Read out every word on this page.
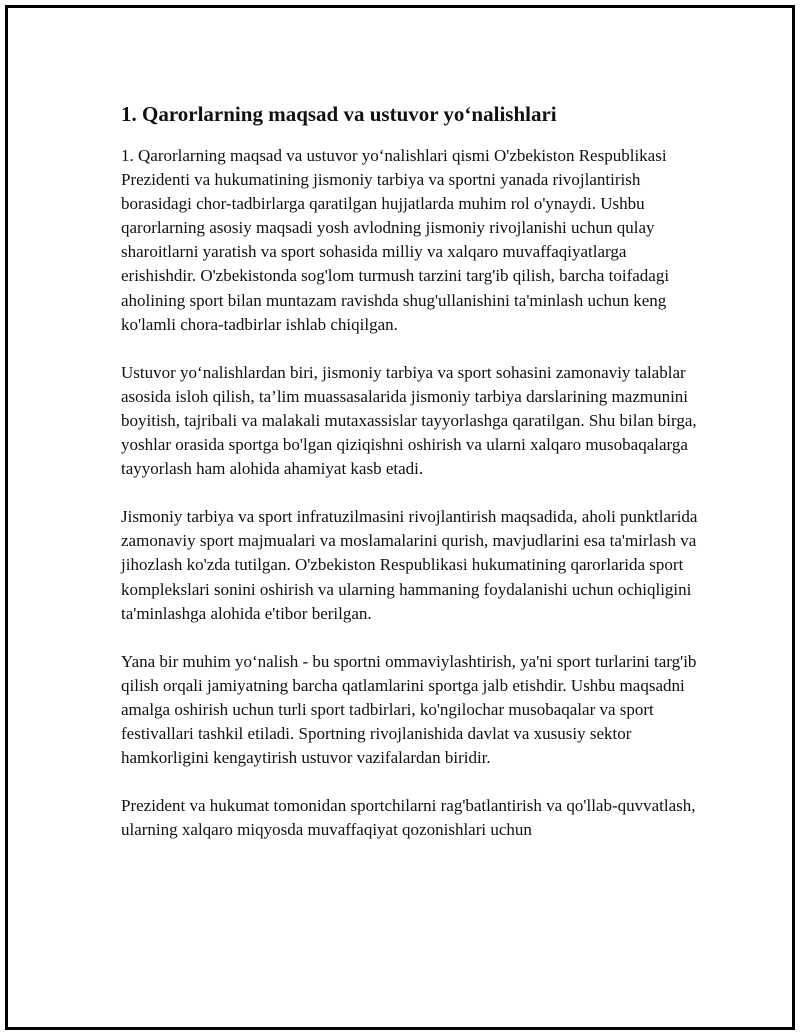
1. Qarorlarning maqsad va ustuvor yo‘nalishlari

1. Qarorlarning maqsad va ustuvor yo‘nalishlari qismi O'zbekiston Respublikasi Prezidenti va hukumatining jismoniy tarbiya va sportni yanada rivojlantirish borasidagi chor-tadbirlarga qaratilgan hujjatlarda muhim rol o'ynaydi. Ushbu qarorlarning asosiy maqsadi yosh avlodning jismoniy rivojlanishi uchun qulay sharoitlarni yaratish va sport sohasida milliy va xalqaro muvaffaqiyatlarga erishishdir. O'zbekistonda sog'lom turmush tarzini targ'ib qilish, barcha toifadagi aholining sport bilan muntazam ravishda shug'ullanishini ta'minlash uchun keng ko'lamli chora-tadbirlar ishlab chiqilgan.

Ustuvor yo‘nalishlardan biri, jismoniy tarbiya va sport sohasini zamonaviy talablar asosida isloh qilish, ta’lim muassasalarida jismoniy tarbiya darslarining mazmunini boyitish, tajribali va malakali mutaxassislar tayyorlashga qaratilgan. Shu bilan birga, yoshlar orasida sportga bo'lgan qiziqishni oshirish va ularni xalqaro musobaqalarga tayyorlash ham alohida ahamiyat kasb etadi.

Jismoniy tarbiya va sport infratuzilmasini rivojlantirish maqsadida, aholi punktlarida zamonaviy sport majmualari va moslamalarini qurish, mavjudlarini esa ta'mirlash va jihozlash ko'zda tutilgan. O'zbekiston Respublikasi hukumatining qarorlarida sport komplekslari sonini oshirish va ularning hammaning foydalanishi uchun ochiqligini ta'minlashga alohida e'tibor berilgan.

Yana bir muhim yo‘nalish - bu sportni ommaviylashtirish, ya'ni sport turlarini targ'ib qilish orqali jamiyatning barcha qatlamlarini sportga jalb etishdir. Ushbu maqsadni amalga oshirish uchun turli sport tadbirlari, ko'ngilochar musobaqalar va sport festivallari tashkil etiladi. Sportning rivojlanishida davlat va xususiy sektor hamkorligini kengaytirish ustuvor vazifalardan biridir.

Prezident va hukumat tomonidan sportchilarni rag'batlantirish va qo'llab-quvvatlash, ularning xalqaro miqyosda muvaffaqiyat qozonishlari uchun
